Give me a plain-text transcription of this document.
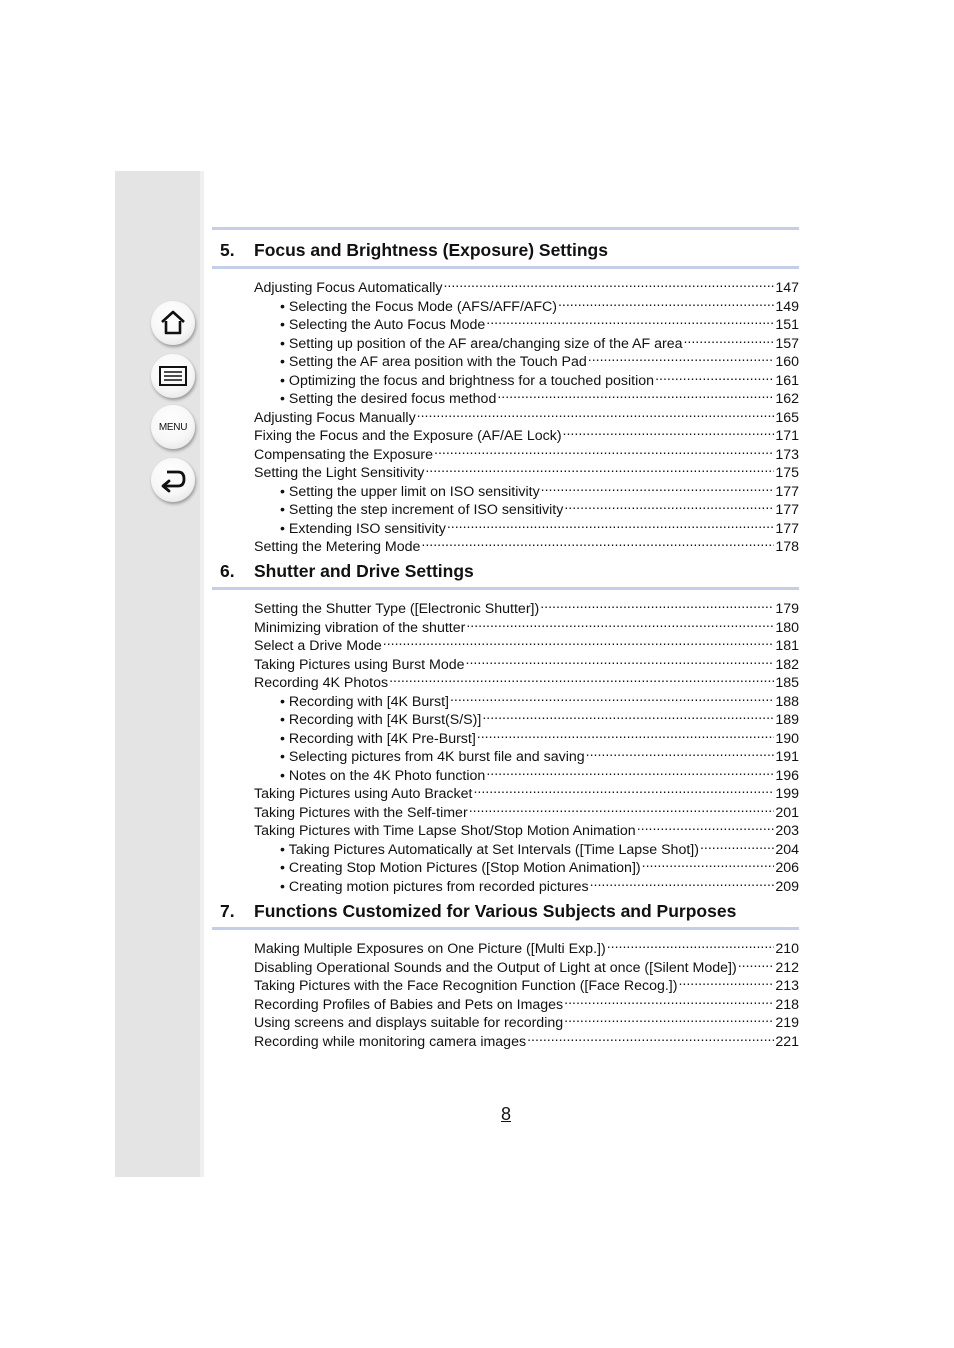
MENU
5. Focus and Brightness (Exposure) Settings
Adjusting Focus Automatically .....	147
• Selecting the Focus Mode (AFS/AFF/AFC) .....	149
• Selecting the Auto Focus Mode .....	151
• Setting up position of the AF area/changing size of the AF area .....	157
• Setting the AF area position with the Touch Pad .....	160
• Optimizing the focus and brightness for a touched position .....	161
• Setting the desired focus method .....	162
Adjusting Focus Manually .....	165
Fixing the Focus and the Exposure (AF/AE Lock) .....	171
Compensating the Exposure .....	173
Setting the Light Sensitivity .....	175
• Setting the upper limit on ISO sensitivity .....	177
• Setting the step increment of ISO sensitivity .....	177
• Extending ISO sensitivity .....	177
Setting the Metering Mode .....	178
6. Shutter and Drive Settings
Setting the Shutter Type ([Electronic Shutter]) .....	179
Minimizing vibration of the shutter .....	180
Select a Drive Mode .....	181
Taking Pictures using Burst Mode .....	182
Recording 4K Photos .....	185
• Recording with [4K Burst] .....	188
• Recording with [4K Burst(S/S)] .....	189
• Recording with [4K Pre-Burst] .....	190
• Selecting pictures from 4K burst file and saving .....	191
• Notes on the 4K Photo function .....	196
Taking Pictures using Auto Bracket .....	199
Taking Pictures with the Self-timer .....	201
Taking Pictures with Time Lapse Shot/Stop Motion Animation .....	203
• Taking Pictures Automatically at Set Intervals ([Time Lapse Shot]) .....	204
• Creating Stop Motion Pictures ([Stop Motion Animation]) .....	206
• Creating motion pictures from recorded pictures .....	209
7. Functions Customized for Various Subjects and Purposes
Making Multiple Exposures on One Picture ([Multi Exp.]) .....	210
Disabling Operational Sounds and the Output of Light at once ([Silent Mode]) .....	212
Taking Pictures with the Face Recognition Function ([Face Recog.]) .....	213
Recording Profiles of Babies and Pets on Images .....	218
Using screens and displays suitable for recording .....	219
Recording while monitoring camera images .....	221
8
